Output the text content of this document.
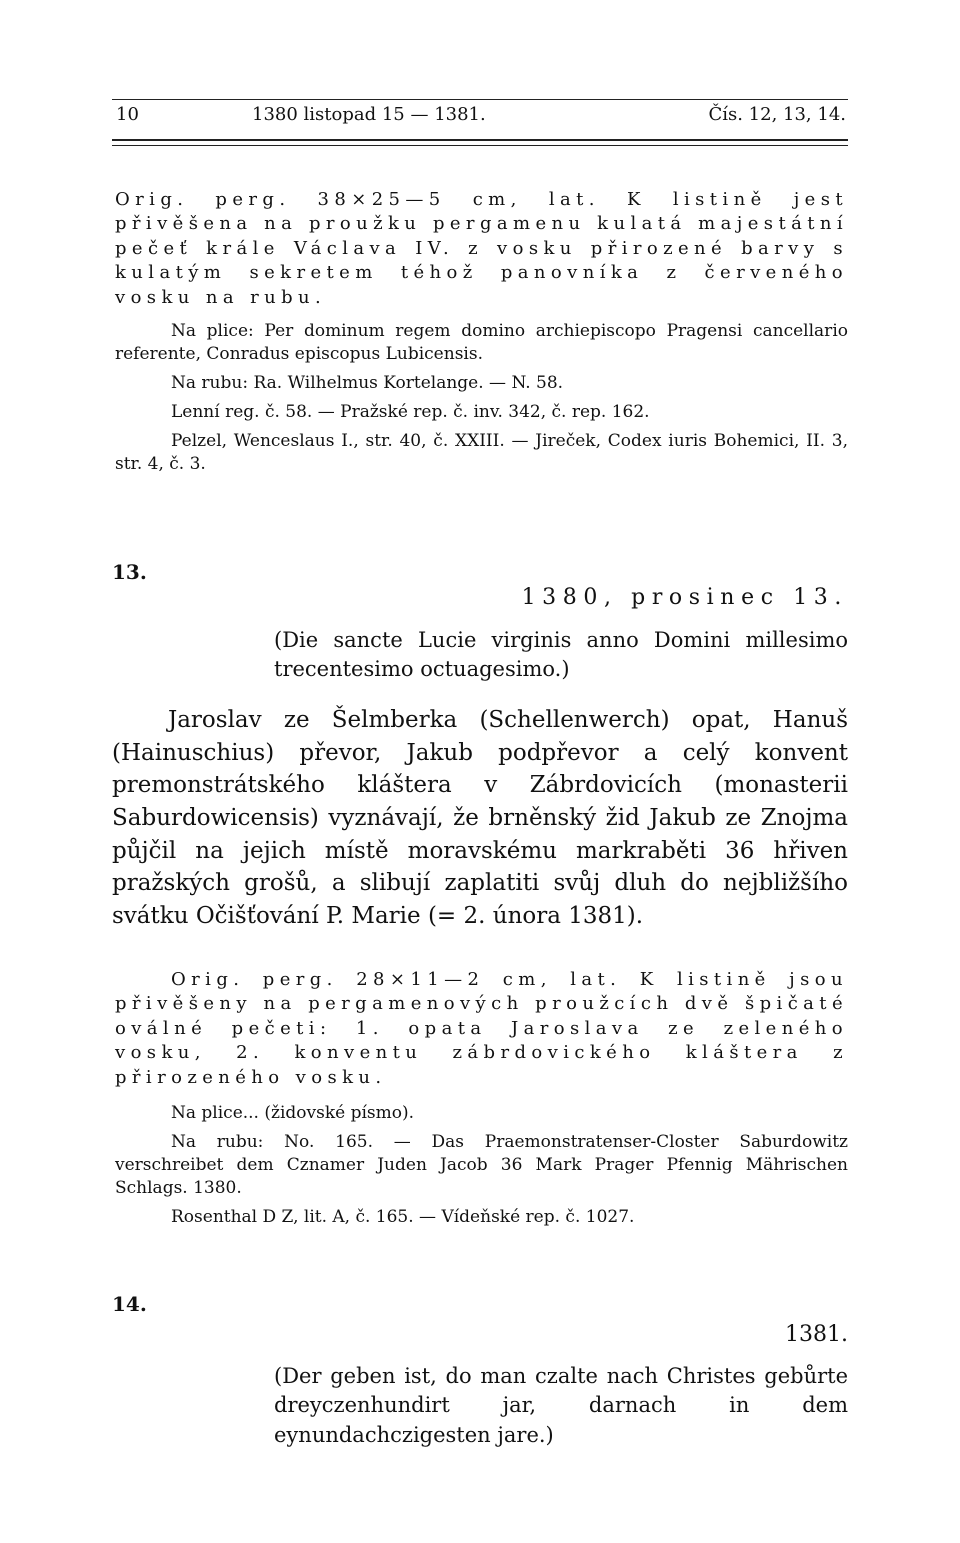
10	1380 listopad 15 — 1381.	Čís. 12, 13, 14.

Orig. perg. 38×25—5 cm, lat. K listině jest přivěšena na proužku pergamenu kulatá majestátní pečeť krále Václava IV. z vosku přirozené barvy s kulatým sekretem téhož panovníka z červeného vosku na rubu.

Na plice: Per dominum regem domino archiepiscopo Pragensi cancellario referente, Conradus episcopus Lubicensis.

Na rubu: Ra. Wilhelmus Kortelange. — N. 58.

Lenní reg. č. 58. — Pražské rep. č. inv. 342, č. rep. 162.

Pelzel, Wenceslaus I., str. 40, č. XXIII. — Jireček, Codex iuris Bohemici, II. 3, str. 4, č. 3.

13.
1380, prosinec 13.

(Die sancte Lucie virginis anno Domini millesimo trecentesimo octuagesimo.)

Jaroslav ze Šelmberka (Schellenwerch) opat, Hanuš (Hainuschius) převor, Jakub podpřevor a celý konvent premonstrátského kláštera v Zábrdovicích (monasterii Saburdowicensis) vyznávají, že brněnský žid Jakub ze Znojma půjčil na jejich místě moravskému markraběti 36 hřiven pražských grošů, a slibují zaplatiti svůj dluh do nejbližšího svátku Očišťování P. Marie (= 2. února 1381).

Orig. perg. 28×11—2 cm, lat. K listině jsou přivěšeny na pergamenových proužcích dvě špičaté oválné pečeti: 1. opata Jaroslava ze zeleného vosku, 2. konventu zábrdovického kláštera z přirozeného vosku.

Na plice... (židovské písmo).

Na rubu: No. 165. — Das Praemonstratenser-Closter Saburdowitz verschreibet dem Cznamer Juden Jacob 36 Mark Prager Pfennig Mährischen Schlags. 1380.

Rosenthal D Z, lit. A, č. 165. — Vídeňské rep. č. 1027.

14.
1381.

(Der geben ist, do man czalte nach Christes gebůrte dreyczenhundirt jar, darnach in dem eynundachczigesten jare.)
